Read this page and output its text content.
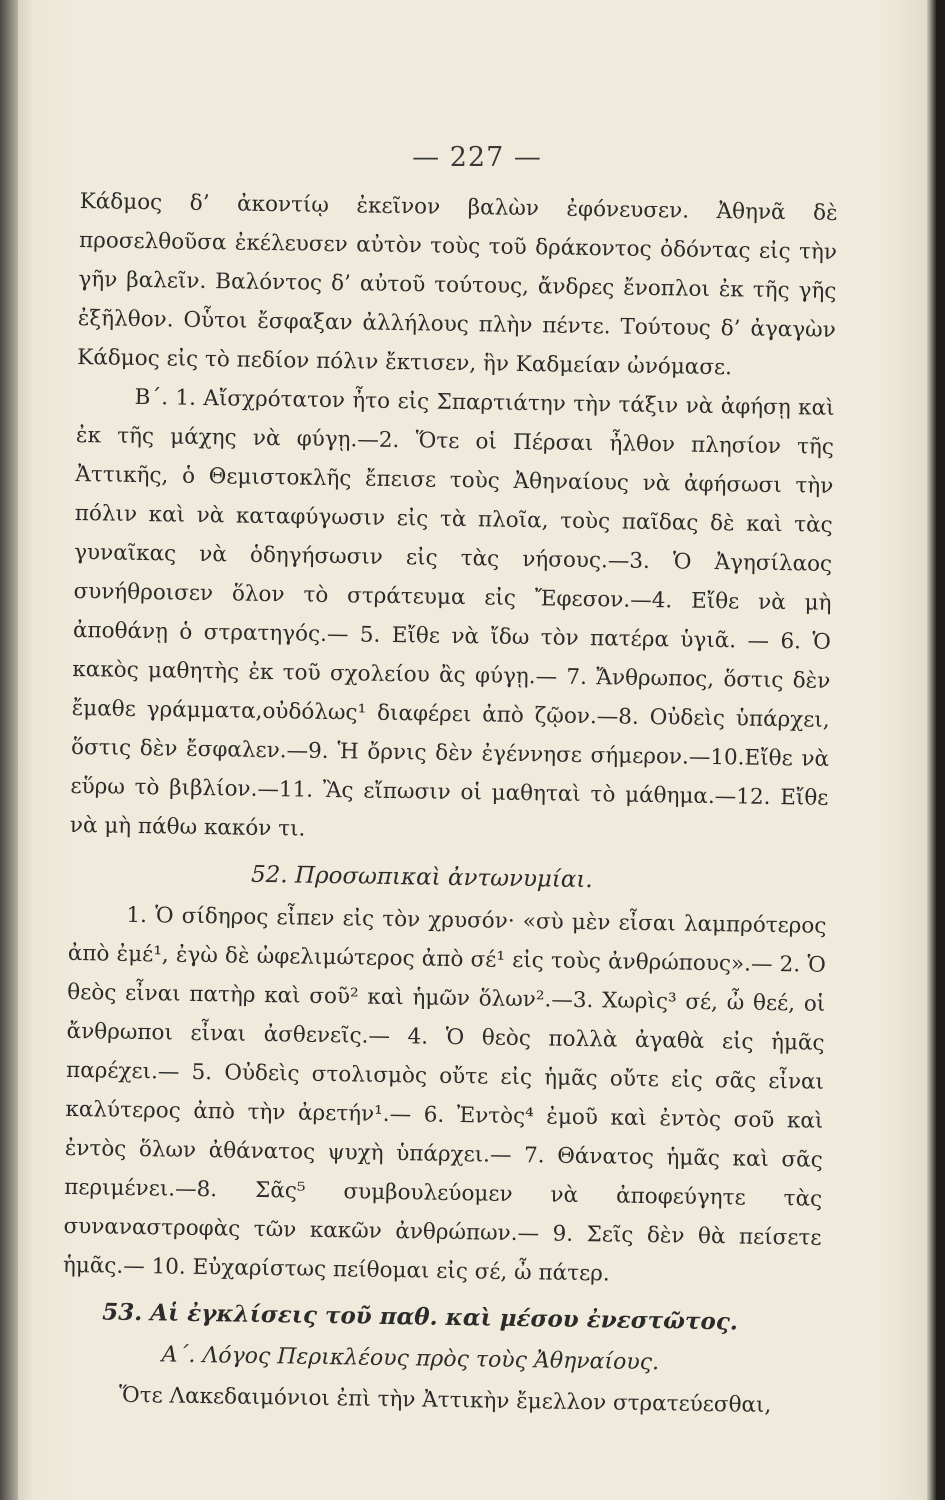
— 227 —

Κάδμος δ’ ἀκοντίῳ ἐκεῖνον βαλὼν ἐφόνευσεν. Ἀθηνᾶ δὲ προσελθοῦσα ἐκέλευσεν αὐτὸν τοὺς τοῦ δράκοντος ὀδόντας εἰς τὴν γῆν βαλεῖν. Βαλόντος δ’ αὐτοῦ τούτους, ἄνδρες ἔνοπλοι ἐκ τῆς γῆς ἐξῆλθον. Οὗτοι ἔσφαξαν ἀλλήλους πλὴν πέντε. Τούτους δ’ ἀγαγὼν Κάδμος εἰς τὸ πεδίον πόλιν ἔκτισεν, ἣν Καδμείαν ὠνόμασε.

Β΄. 1. Αἴσχρότατον ἦτο εἰς Σπαρτιάτην τὴν τάξιν νὰ ἀφήσῃ καὶ ἐκ τῆς μάχης νὰ φύγῃ.—2. Ὅτε οἱ Πέρσαι ἦλθον πλησίον τῆς Ἀττικῆς, ὁ Θεμιστοκλῆς ἔπεισε τοὺς Ἀθηναίους νὰ ἀφήσωσι τὴν πόλιν καὶ νὰ καταφύγωσιν εἰς τὰ πλοῖα, τοὺς παῖδας δὲ καὶ τὰς γυναῖκας νὰ ὁδηγήσωσιν εἰς τὰς νήσους.—3. Ὁ Ἀγησίλαος συνήθροισεν ὅλον τὸ στράτευμα εἰς Ἔφεσον.—4. Εἴθε νὰ μὴ ἀποθάνῃ ὁ στρατηγός.— 5. Εἴθε νὰ ἴδω τὸν πατέρα ὑγιᾶ. — 6. Ὁ κακὸς μαθητὴς ἐκ τοῦ σχολείου ἂς φύγῃ.— 7. Ἄνθρωπος, ὅστις δὲν ἔμαθε γράμματα,οὐδόλως¹ διαφέρει ἀπὸ ζῷον.—8. Οὐδεὶς ὑπάρχει, ὅστις δὲν ἔσφαλεν.—9. Ἡ ὄρνις δὲν ἐγέννησε σήμερον.—10.Εἴθε νὰ εὕρω τὸ βιβλίον.—11. Ἂς εἴπωσιν οἱ μαθηταὶ τὸ μάθημα.—12. Εἴθε νὰ μὴ πάθω κακόν τι.

52. Προσωπικαὶ ἀντωνυμίαι.

1. Ὁ σίδηρος εἶπεν εἰς τὸν χρυσόν· «σὺ μὲν εἶσαι λαμπρότερος ἀπὸ ἐμέ¹, ἐγὼ δὲ ὠφελιμώτερος ἀπὸ σέ¹ εἰς τοὺς ἀνθρώπους».— 2. Ὁ θεὸς εἶναι πατὴρ καὶ σοῦ² καὶ ἡμῶν ὅλων².—3. Χωρὶς³ σέ, ὦ θεέ, οἱ ἄνθρωποι εἶναι ἀσθενεῖς.— 4. Ὁ θεὸς πολλὰ ἀγαθὰ εἰς ἡμᾶς παρέχει.— 5. Οὐδεὶς στολισμὸς οὔτε εἰς ἡμᾶς οὔτε εἰς σᾶς εἶναι καλύτερος ἀπὸ τὴν ἀρετήν¹.— 6. Ἐντὸς⁴ ἐμοῦ καὶ ἐντὸς σοῦ καὶ ἐντὸς ὅλων ἀθάνατος ψυχὴ ὑπάρχει.— 7. Θάνατος ἡμᾶς καὶ σᾶς περιμένει.—8. Σᾶς⁵ συμβουλεύομεν νὰ ἀποφεύγητε τὰς συναναστροφὰς τῶν κακῶν ἀνθρώπων.— 9. Σεῖς δὲν θὰ πείσετε ἡμᾶς.— 10. Εὐχαρίστως πείθομαι εἰς σέ, ὦ πάτερ.

53. Αἱ ἐγκλίσεις τοῦ παθ. καὶ μέσου ἐνεστῶτος.
Α΄. Λόγος Περικλέους πρὸς τοὺς Ἀθηναίους.

Ὅτε Λακεδαιμόνιοι ἐπὶ τὴν Ἀττικὴν ἔμελλον στρατεύεσθαι,
